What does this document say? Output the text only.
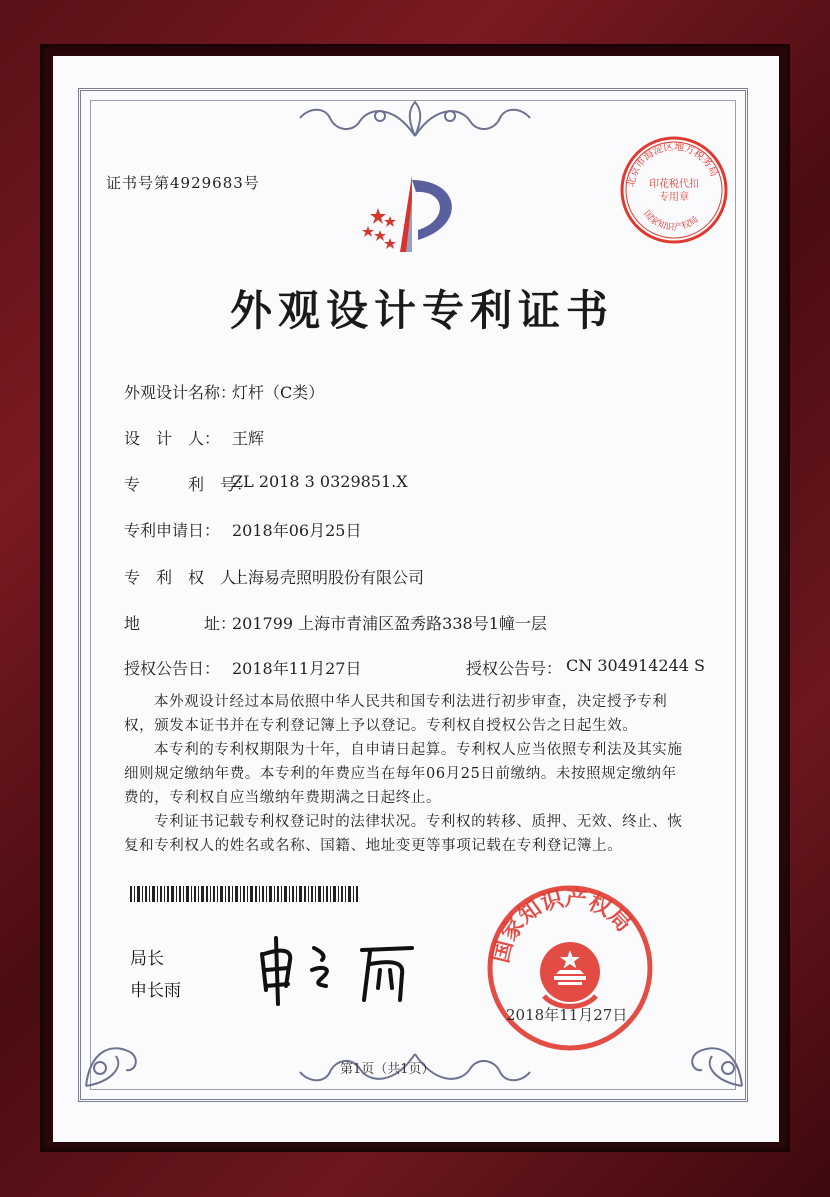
证书号第4929683号	北京市海淀区地方税务局
国家知识产权局
印花税代扣专用章
外观设计专利证书
外观设计名称：
灯杆（C类）
设　计　人： 王辉
专　　　利　号：
ZL 2018 3 0329851.X
专利申请日： 2018年06月25日
专　利　权　人：
上海易壳照明股份有限公司
地　　　　址：
201799 上海市青浦区盈秀路338号1幢一层
授权公告日： 2018年11月27日	授权公告号： CN 304914244 S
本外观设计经过本局依照中华人民共和国专利法进行初步审查，决定授予专利权，颁发本证书并在专利登记簿上予以登记。专利权自授权公告之日起生效。
本专利的专利权期限为十年，自申请日起算。专利权人应当依照专利法及其实施细则规定缴纳年费。本专利的年费应当在每年06月25日前缴纳。未按照规定缴纳年费的，专利权自应当缴纳年费期满之日起终止。
专利证书记载专利权登记时的法律状况。专利权的转移、质押、无效、终止、恢复和专利权人的姓名或名称、国籍、地址变更等事项记载在专利登记簿上。
局长
申长雨
国家知识产权局
2018年11月27日
第1页（共1页）
